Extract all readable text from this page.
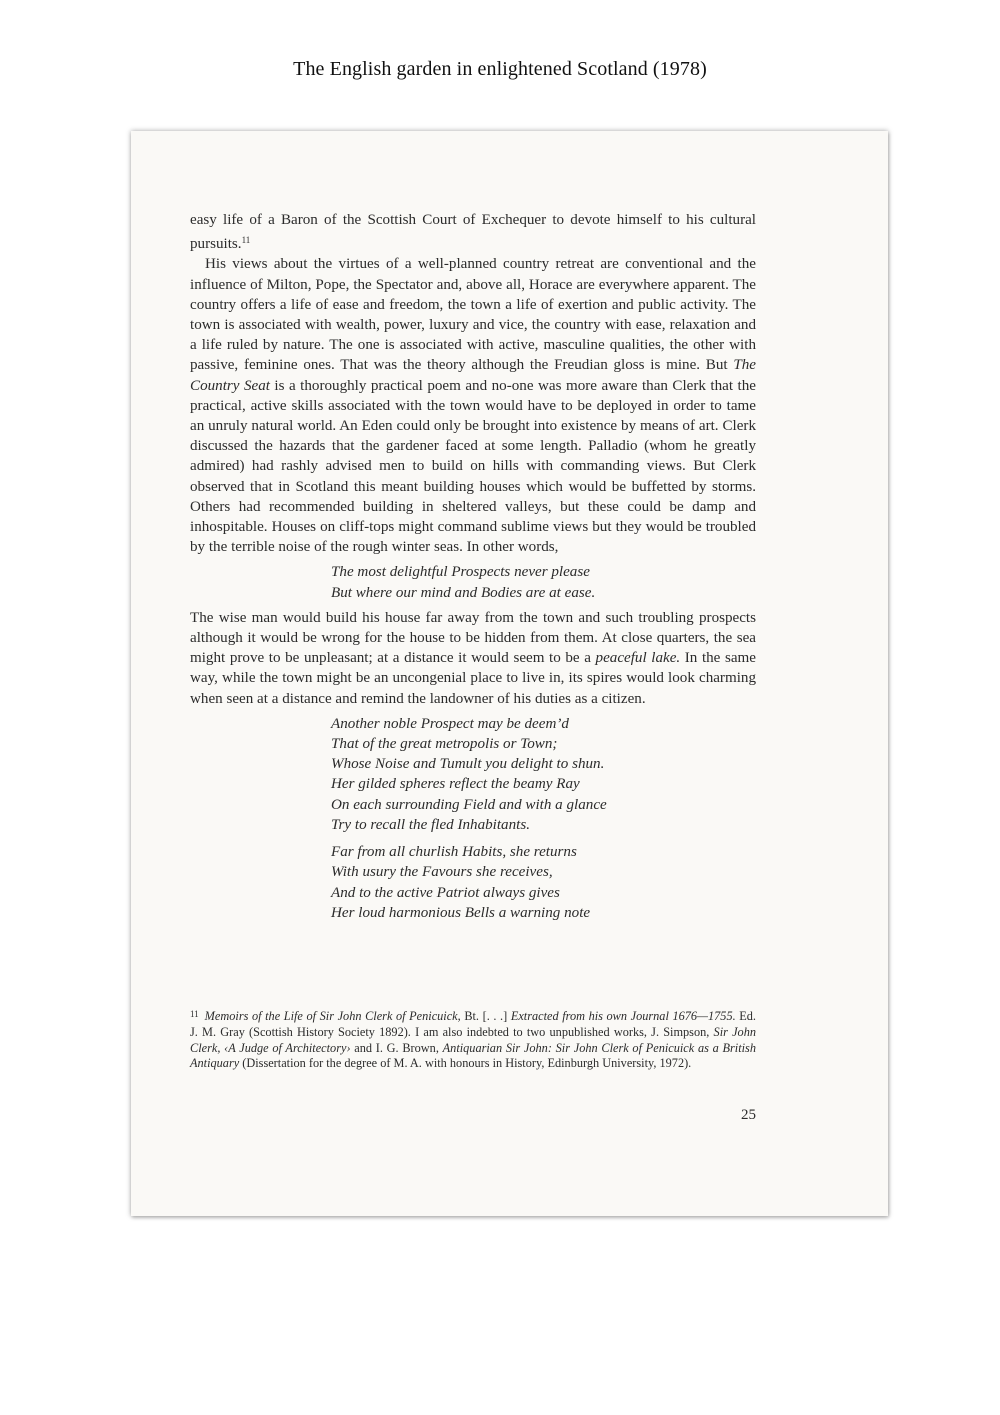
The English garden in enlightened Scotland (1978)

easy life of a Baron of the Scottish Court of Exchequer to devote himself to his cultural pursuits.$^{11}$

His views about the virtues of a well-planned country retreat are conventional and the influence of Milton, Pope, the Spectator and, above all, Horace are everywhere apparent. The country offers a life of ease and freedom, the town a life of exertion and public activity. The town is associated with wealth, power, luxury and vice, the country with ease, relaxation and a life ruled by nature. The one is associated with active, masculine qualities, the other with passive, feminine ones. That was the theory although the Freudian gloss is mine. But The Country Seat is a thoroughly practical poem and no-one was more aware than Clerk that the practical, active skills associated with the town would have to be deployed in order to tame an unruly natural world. An Eden could only be brought into existence by means of art. Clerk discussed the hazards that the gardener faced at some length. Palladio (whom he greatly admired) had rashly advised men to build on hills with commanding views. But Clerk observed that in Scotland this meant building houses which would be buffetted by storms. Others had recommended building in sheltered valleys, but these could be damp and inhospitable. Houses on cliff-tops might command sublime views but they would be troubled by the terrible noise of the rough winter seas. In other words,

The most delightful Prospects never please
But where our mind and Bodies are at ease.

The wise man would build his house far away from the town and such troubling prospects although it would be wrong for the house to be hidden from them. At close quarters, the sea might prove to be unpleasant; at a distance it would seem to be a peaceful lake. In the same way, while the town might be an uncongenial place to live in, its spires would look charming when seen at a distance and remind the landowner of his duties as a citizen.

Another noble Prospect may be deem’d
That of the great metropolis or Town;
Whose Noise and Tumult you delight to shun.
Her gilded spheres reflect the beamy Ray
On each surrounding Field and with a glance
Try to recall the fled Inhabitants.
Far from all churlish Habits, she returns
With usury the Favours she receives,
And to the active Patriot always gives
Her loud harmonious Bells a warning note
$^{11}$ Memoirs of the Life of Sir John Clerk of Penicuick, Bt. [. . .] Extracted from his own Journal 1676—1755. Ed. J. M. Gray (Scottish History Society 1892). I am also indebted to two unpublished works, J. Simpson, Sir John Clerk, ‹A Judge of Architectory› and I. G. Brown, Antiquarian Sir John: Sir John Clerk of Penicuick as a British Antiquary (Dissertation for the degree of M. A. with honours in History, Edinburgh University, 1972).
25
